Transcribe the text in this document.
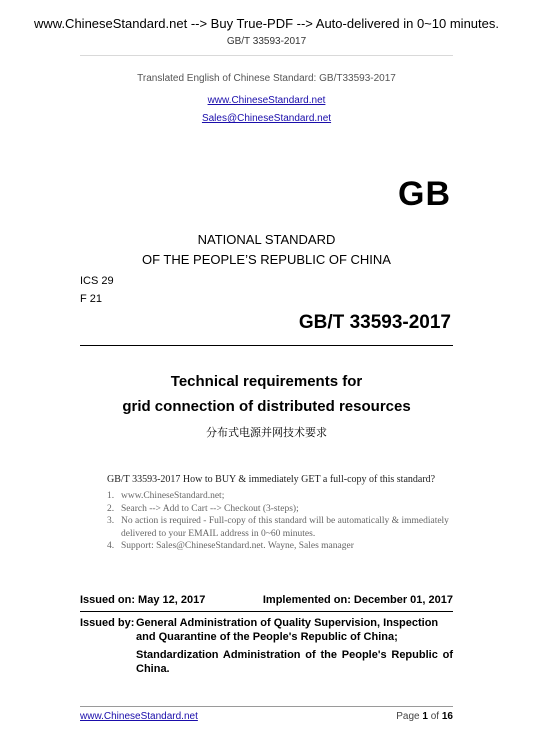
www.ChineseStandard.net --> Buy True-PDF --> Auto-delivered in 0~10 minutes.
GB/T 33593-2017
Translated English of Chinese Standard: GB/T33593-2017
www.ChineseStandard.net
Sales@ChineseStandard.net
GB
NATIONAL STANDARD
OF THE PEOPLE’S REPUBLIC OF CHINA
ICS 29
F 21
GB/T 33593-2017
Technical requirements for
grid connection of distributed resources
分布式电源并网技术要求
GB/T 33593-2017 How to BUY & immediately GET a full-copy of this standard?
1. www.ChineseStandard.net;
2. Search --> Add to Cart --> Checkout (3-steps);
3. No action is required - Full-copy of this standard will be automatically & immediately delivered to your EMAIL address in 0~60 minutes.
4. Support: Sales@ChineseStandard.net. Wayne, Sales manager
Issued on: May 12, 2017	Implemented on: December 01, 2017
Issued by: General Administration of Quality Supervision, Inspection and Quarantine of the People's Republic of China;
Standardization Administration of the People's Republic of China.
www.ChineseStandard.net	Page 1 of 16
